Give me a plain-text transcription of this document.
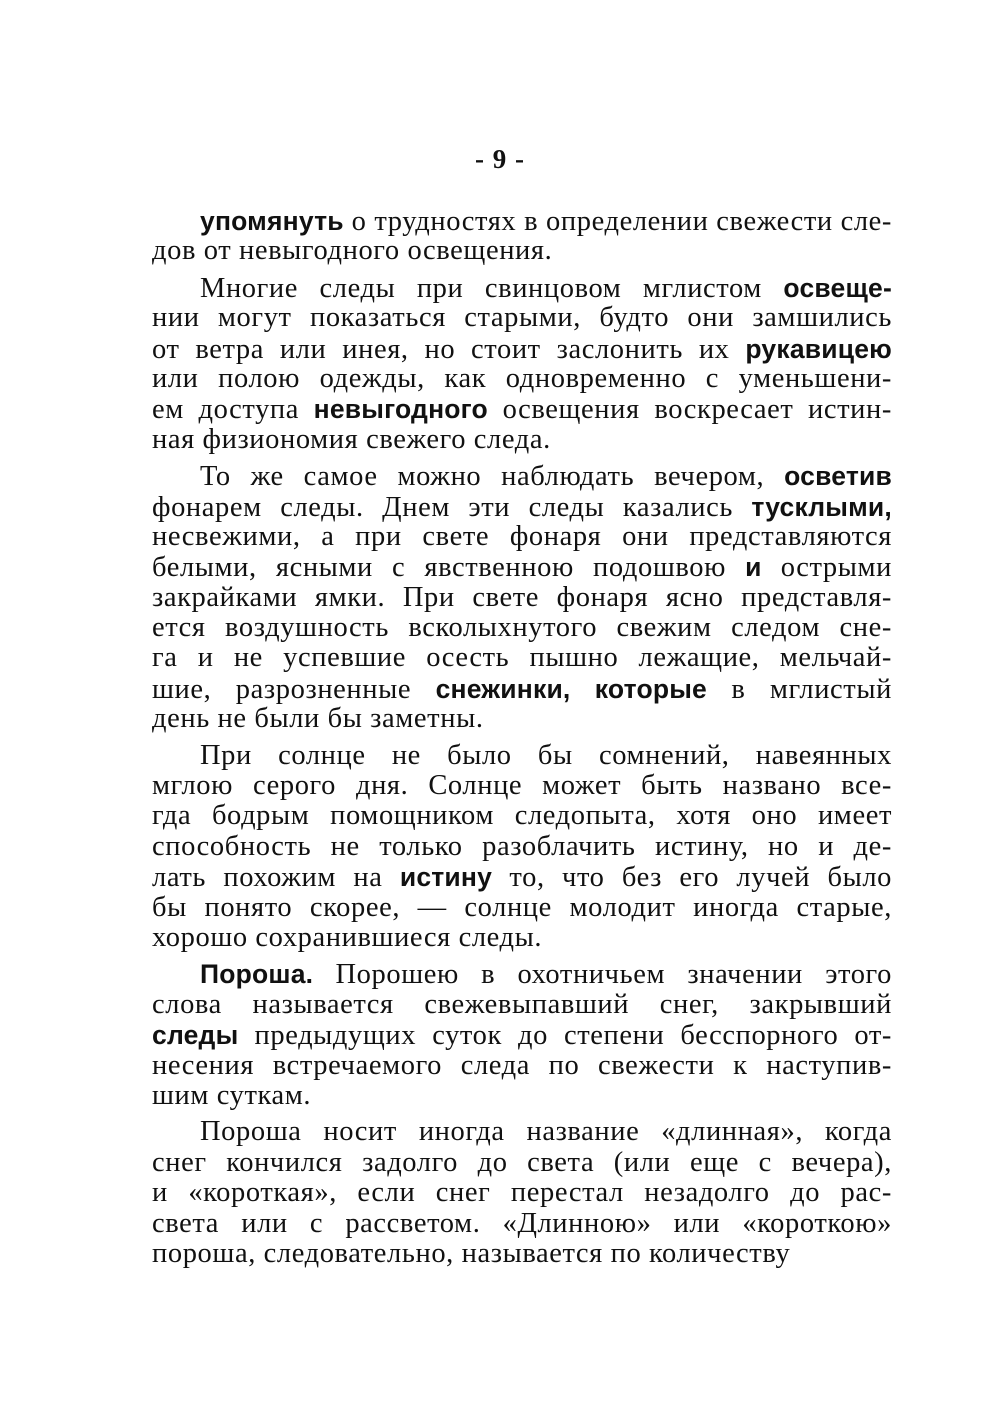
- 9 -
упомянуть о трудностях в определении свежести сле-
дов от невыгодного освещения.
Многие следы при свинцовом мглистом освеще-
нии могут показаться старыми, будто они замшились
от ветра или инея, но стоит заслонить их рукавицею
или полою одежды, как одновременно с уменьшени-
ем доступа невыгодного освещения воскресает истин-
ная физиономия свежего следа.
То же самое можно наблюдать вечером, осветив
фонарем следы. Днем эти следы казались тусклыми,
несвежими, а при свете фонаря они представляются
белыми, ясными с явственною подошвою и острыми
закрайками ямки. При свете фонаря ясно представля-
ется воздушность всколыхнутого свежим следом сне-
га и не успевшие осесть пышно лежащие, мельчай-
шие, разрозненные снежинки, которые в мглистый
день не были бы заметны.
При солнце не было бы сомнений, навеянных
мглою серого дня. Солнце может быть названо все-
гда бодрым помощником следопыта, хотя оно имеет
способность не только разоблачить истину, но и де-
лать похожим на истину то, что без его лучей было
бы понято скорее, — солнце молодит иногда старые,
хорошо сохранившиеся следы.
Пороша. Порошею в охотничьем значении этого
слова называется свежевыпавший снег, закрывший
следы предыдущих суток до степени бесспорного от-
несения встречаемого следа по свежести к наступив-
шим суткам.
Пороша носит иногда название «длинная», когда
снег кончился задолго до света (или еще с вечера),
и «короткая», если снег перестал незадолго до рас-
света или с рассветом. «Длинною» или «короткою»
пороша, следовательно, называется по количеству
